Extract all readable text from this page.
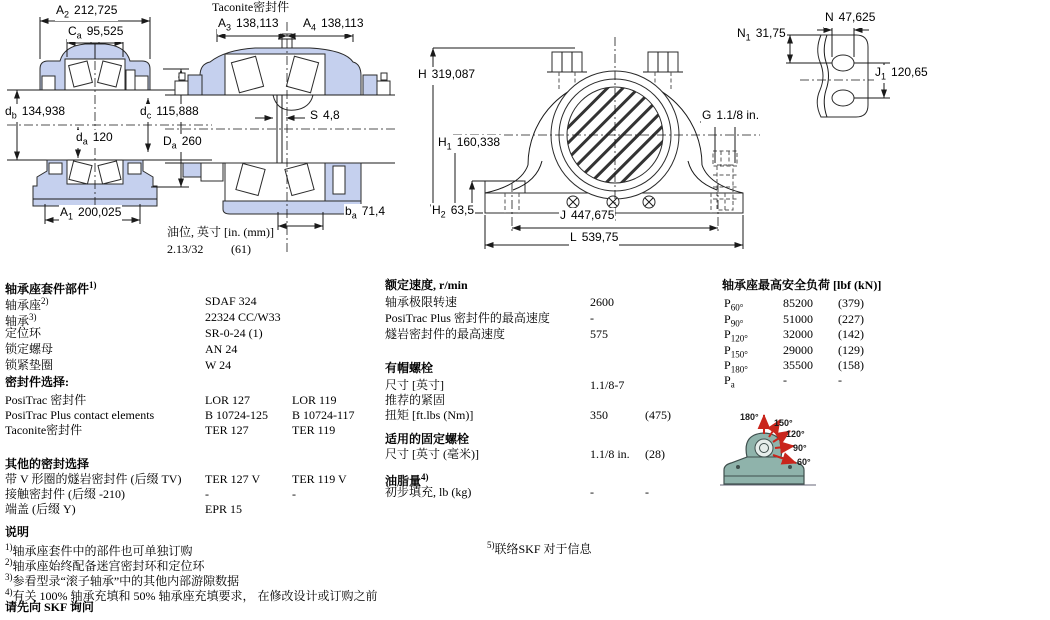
$A_2$ 212,725
$C_a$ 95,525
$d_b$ 134,938	$d_c$ 115,888
$d_a$ 120	$D_a$ 260
$A_1$ 200,025
Taconite密封件
$A_3$ 138,113 $A_4$ 138,113
S 4,8
$b_a$ 71,4
油位, 英寸 [in. (mm)]
2.13/32 (61)
H 319,087
$H_1$ 160,338
$H_2$ 63,5	J 447,675
L 539,75
G 1.1/8 in.
N 47,625
$N_1$ 31,75
$J_1$ 120,65
轴承座套件部件$^{1)}$
轴承座$^{2)}$	SDAF 324
轴承$^{3)}$	22324 CC/W33
定位环	SR-0-24 (1)
锁定螺母	AN 24
锁紧垫圈	W 24
密封件选择:
PosiTrac 密封件	LOR 127	LOR 119
PosiTrac Plus contact elements	B 10724-125 B 10724-117
Taconite密封件	TER 127	TER 119
其他的密封选择
带 V 形圈的燧岩密封件 (后缀 TV) TER 127 V	TER 119 V
接触密封件 (后缀 -210)	-	-
端盖 (后缀 Y)	EPR 15
说明
$^{1)}$轴承座套件中的部件也可单独订购
$^{2)}$轴承座始终配备迷宫密封环和定位环
$^{3)}$参看型录“滚子轴承”中的其他内部游隙数据
$^{4)}$有关 100% 轴承充填和 50% 轴承座充填要求， 在修改设计或订购之前
请先向 SKF 询问
额定速度, r/min
轴承极限转速	2600
PosiTrac Plus 密封件的最高速度	-
燧岩密封件的最高速度	575
有帽螺栓
尺寸 [英寸]	1.1/8-7
推荐的紧固
扭矩 [ft.lbs (Nm)]	350	(475)
适用的固定螺栓
尺寸 [英寸 (毫米)]	1.1/8 in. (28)
油脂量$^{4)}$
初步填充, lb (kg)	-	-
$^{5)}$联络SKF 对于信息
轴承座最高安全负荷 [lbf (kN)]
$P_{60^\circ}$	85200 (379)
$P_{90^\circ}$	51000 (227)
$P_{120^\circ}$	32000 (142)
$P_{150^\circ}$	29000 (129)
$P_{180^\circ}$	35500 (158)
$P_a$	-	-
180°
150°
120°
90°
60°
